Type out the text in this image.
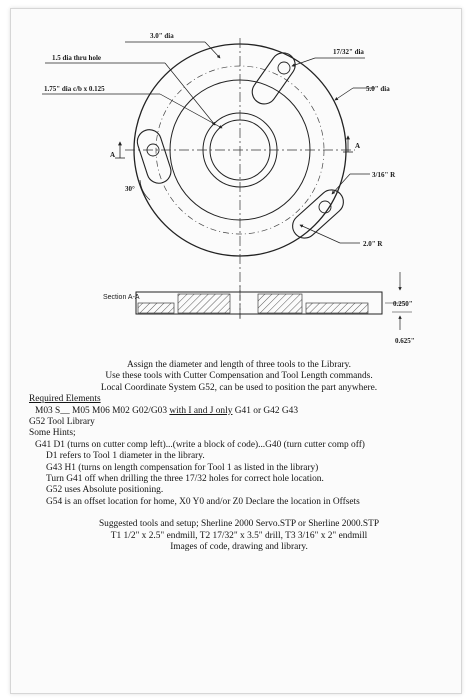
3.0" dia
1.5 dia thru hole
17/32" dia
1.75" dia c/b x 0.125	5.0" dia
A
A
3/16" R
30°
2.0" R
Section A-A
0.250"
0.625"
Assign the diameter and length of three tools to the Library.
Use these tools with Cutter Compensation and Tool Length commands.
Local Coordinate System G52, can be used to position the part anywhere.
Required Elements
M03 S__ M05 M06 M02 G02/G03 with I and J only G41 or G42 G43
G52 Tool Library
Some Hints;
G41 D1 (turns on cutter comp left)...(write a block of code)...G40 (turn cutter comp off)
D1 refers to Tool 1 diameter in the library.
G43 H1 (turns on length compensation for Tool 1 as listed in the library)
Turn G41 off when drilling the three 17/32 holes for correct hole location.
G52 uses Absolute positioning.
G54 is an offset location for home, X0 Y0 and/or Z0 Declare the location in Offsets
Suggested tools and setup; Sherline 2000 Servo.STP or Sherline 2000.STP
T1 1/2" x 2.5" endmill, T2 17/32" x 3.5" drill, T3 3/16" x 2" endmill
Images of code, drawing and library.
